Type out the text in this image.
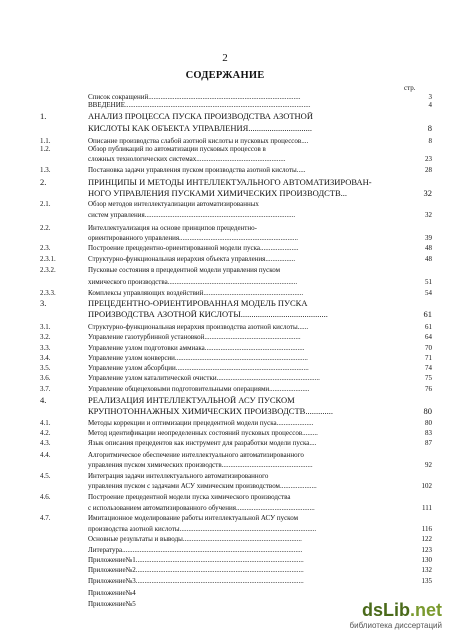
2
СОДЕРЖАНИЕ
стр.
Список сокращений.......................................................................................	3
ВВЕДЕНИЕ..........................................................................................................	4
1.	АНАЛИЗ ПРОЦЕССА ПУСКА ПРОИЗВОДСТВА АЗОТНОЙ
КИСЛОТЫ КАК ОБЪЕКТА УПРАВЛЕНИЯ..............................	8
1.1.	Описание производства слабой азотной кислоты и пусковых процессов....	8
1.2.	Обзор публикаций по автоматизации пусковых процессов в
сложных технологических системах...................................................	23
1.3.	Постановка задачи управления пуском производства азотной кислоты.....	28
2.	ПРИНЦИПЫ И МЕТОДЫ ИНТЕЛЛЕКТУАЛЬНОГО АВТОМАТИЗИРОВАН-
НОГО УПРАВЛЕНИЯ ПУСКАМИ ХИМИЧЕСКИХ ПРОИЗВОДСТВ...	32
2.1.	Обзор методов интеллектуализации автоматизированных
систем управления......................................................................................	32
2.2.	Интеллектуализация на основе принципов прецедентно-
ориентированного управления....................................................................	39
2.3.	Построение прецедентно-ориентированной модели пуска......................	48
2.3.1.	Структурно-функциональная иерархия объекта управления.................	48
2.3.2.	Пусковые состояния в прецедентной модели управления пуском
химического производства..........................................................................	51
2.3.3.	Комплексы управляющих воздействий.........................................................	54
3.	ПРЕЦЕДЕНТНО-ОРИЕНТИРОВАННАЯ МОДЕЛЬ ПУСКА
ПРОИЗВОДСТВА АЗОТНОЙ КИСЛОТЫ.........................................	61
3.1.	Структурно-функциональная иерархия производства азотной кислоты......	61
3.2.	Управление газотурбинной установкой.......................................................	64
3.3.	Управление узлом подготовки аммиака.........................................................	70
3.4.	Управление узлом конверсии............................................................................	71
3.5.	Управление узлом абсорбции............................................................................	74
3.6.	Управление узлом каталитической очистки...........................................................	75
3.7.	Управление общецеховыми подготовительными операциями.......................	76
4.	РЕАЛИЗАЦИЯ ИНТЕЛЛЕКТУАЛЬНОЙ АСУ ПУСКОМ
КРУПНОТОННАЖНЫХ ХИМИЧЕСКИХ ПРОИЗВОДСТВ.............	80
4.1.	Методы коррекции и оптимизации прецедентной модели пуска.....................	80
4.2.	Метод идентификации неопределенных состояний пусковых процессов.........	83
4.3.	Язык описания прецедентов как инструмент для разработки модели пуска....	87
4.4.	Алгоритмическое обеспечение интеллектуального автоматизированного
управления пуском химических производств....................................................	92
4.5.	Интеграция задачи интеллектуального автоматизированного
управления пуском с задачами АСУ химическим производством.....................	102
4.6.	Построение прецедентной модели пуска химического производства
с использованием автоматизированного обучения.............................................	111
4.7.	Имитационное моделирование работы интеллектуальной АСУ пуском
производства азотной кислоты..............................................................................	116
Основные результаты и выводы....................................................................	122
Литература.......................................................................................................	123
Приложение№1................................................................................................	130
Приложение№2................................................................................................	132
Приложение№3................................................................................................	135
Приложение№4
Приложение№5	dsLib.net
библиотека диссертаций
